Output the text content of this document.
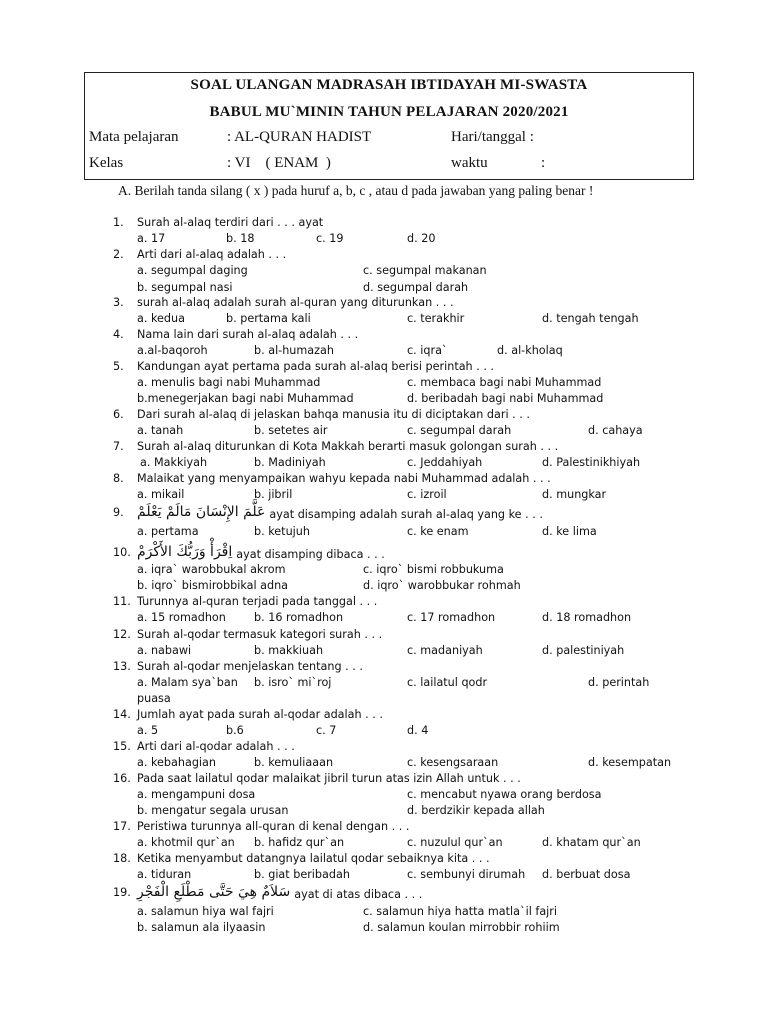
SOAL ULANGAN MADRASAH IBTIDAYAH MI-SWASTA
BABUL MU`MININ TAHUN PELAJARAN 2020/2021
Mata pelajaran	: AL-QURAN HADIST	Hari/tanggal :
Kelas	: VI    ( ENAM  )	waktu	:
A. Berilah tanda silang ( x ) pada huruf a, b, c , atau d pada jawaban yang paling benar !
1. Surah al-alaq terdiri dari . . . ayat
a. 17	b. 18	c. 19	d. 20
2. Arti dari al-alaq adalah . . .
a. segumpal daging	c. segumpal makanan
b. segumpal nasi	d. segumpal darah
3. surah al-alaq adalah surah al-quran yang diturunkan . . .
a. kedua	b. pertama kali	c. terakhir	d. tengah tengah
4. Nama lain dari surah al-alaq adalah . . .
a.al-baqoroh	b. al-humazah	c. iqra`	d. al-kholaq
5. Kandungan ayat pertama pada surah al-alaq berisi perintah . . .
a. menulis bagi nabi Muhammad	c. membaca bagi nabi Muhammad
b.menegerjakan bagi nabi Muhammad	d. beribadah bagi nabi Muhammad
6. Dari surah al-alaq di jelaskan bahqa manusia itu di diciptakan dari . . .
a. tanah	b. setetes air	c. segumpal darah	d. cahaya
7. Surah al-alaq diturunkan di Kota Makkah berarti masuk golongan surah . . .
a. Makkiyah	b. Madiniyah	c. Jeddahiyah	d. Palestinikhiyah
8. Malaikat yang menyampaikan wahyu kepada nabi Muhammad adalah . . .
a. mikail	b. jibril	c. izroil	d. mungkar
9. عَلَّمَ الإِنْسَانَ مَالَمْ يَعْلَمْ ayat disamping adalah surah al-alaq yang ke . . .
a. pertama	b. ketujuh	c. ke enam	d. ke lima
10. اِقْرَأْ وَرَبُّكَ الأَكْرَمْ ayat disamping dibaca . . .
a. iqra` warobbukal akrom	c. iqro` bismi robbukuma
b. iqro` bismirobbikal adna	d. iqro` warobbukar rohmah
11. Turunnya al-quran terjadi pada tanggal . . .
a. 15 romadhon	b. 16 romadhon	c. 17 romadhon	d. 18 romadhon
12. Surah al-qodar termasuk kategori surah . . .
a. nabawi	b. makkiuah	c. madaniyah	d. palestiniyah
13. Surah al-qodar menjelaskan tentang . . .
a. Malam sya`ban b. isro` mi`roj	c. lailatul qodr	d. perintah
puasa
14. Jumlah ayat pada surah al-qodar adalah . . .
a. 5	b.6	c. 7	d. 4
15. Arti dari al-qodar adalah . . .
a. kebahagian	b. kemuliaaan	c. kesengsaraan	d. kesempatan
16. Pada saat lailatul qodar malaikat jibril turun atas izin Allah untuk . . .
a. mengampuni dosa	c. mencabut nyawa orang berdosa
b. mengatur segala urusan	d. berdzikir kepada allah
17. Peristiwa turunnya all-quran di kenal dengan . . .
a. khotmil qur`an b. hafidz qur`an	c. nuzulul qur`an	d. khatam qur`an
18. Ketika menyambut datangnya lailatul qodar sebaiknya kita . . .
a. tiduran	b. giat beribadah	c. sembunyi dirumah d. berbuat dosa
19. سَلاَمٌ هِيَ حَتَّى مَطْلَعِ الْفَجْرِ ayat di atas dibaca . . .
a. salamun hiya wal fajri	c. salamun hiya hatta matla`il fajri
b. salamun ala ilyaasin	d. salamun koulan mirrobbir rohiim
